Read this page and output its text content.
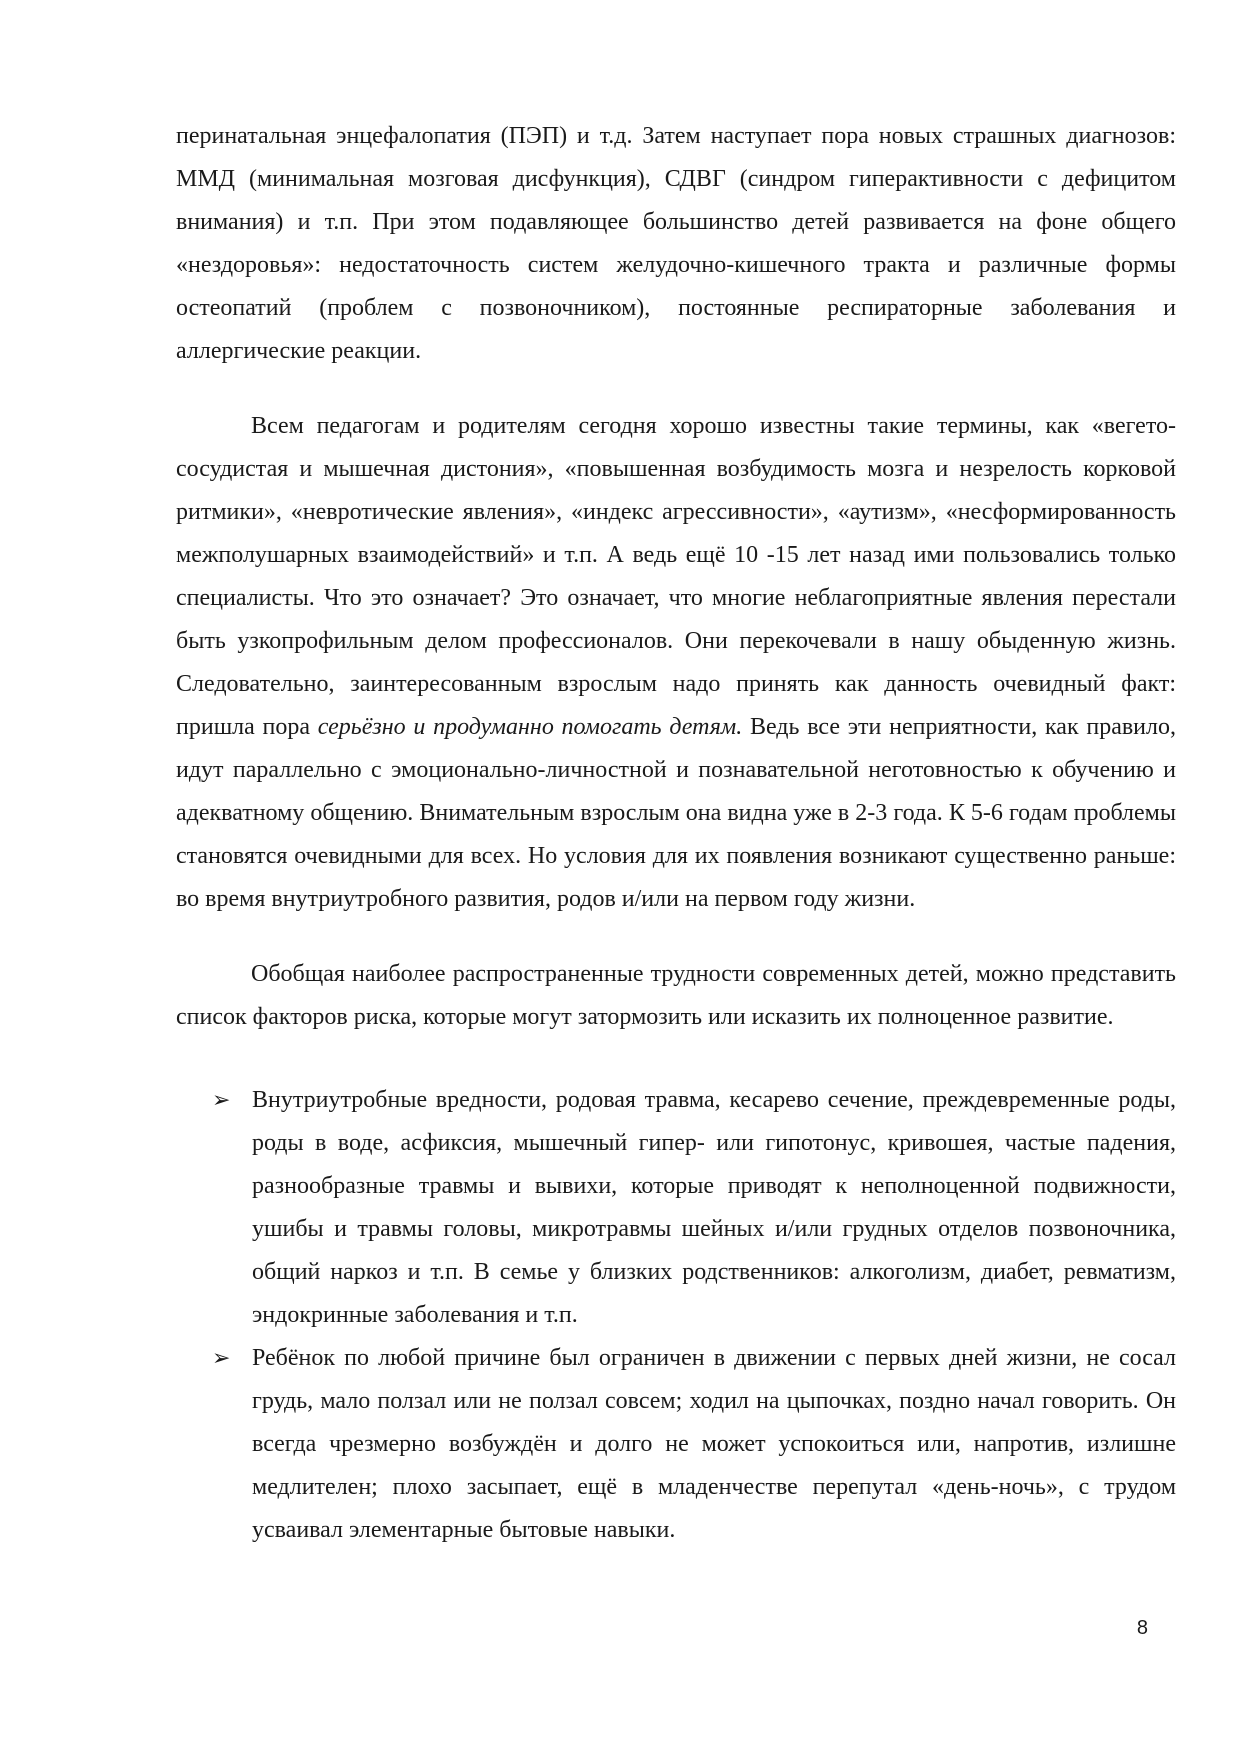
перинатальная энцефалопатия (ПЭП) и т.д. Затем наступает пора новых страшных диагнозов: ММД (минимальная мозговая дисфункция), СДВГ (синдром гиперактивности с дефицитом внимания) и т.п. При этом подавляющее большинство детей развивается на фоне общего «нездоровья»: недостаточность систем желудочно-кишечного тракта и различные формы остеопатий (проблем с позвоночником), постоянные респираторные заболевания и аллергические реакции.

Всем педагогам и родителям сегодня хорошо известны такие термины, как «вегето-сосудистая и мышечная дистония», «повышенная возбудимость мозга и незрелость корковой ритмики», «невротические явления», «индекс агрессивности», «аутизм», «несформированность межполушарных взаимодействий» и т.п. А ведь ещё 10 -15 лет назад ими пользовались только специалисты. Что это означает? Это означает, что многие неблагоприятные явления перестали быть узкопрофильным делом профессионалов. Они перекочевали в нашу обыденную жизнь. Следовательно, заинтересованным взрослым надо принять как данность очевидный факт: пришла пора серьёзно и продуманно помогать детям. Ведь все эти неприятности, как правило, идут параллельно с эмоционально-личностной и познавательной неготовностью к обучению и адекватному общению. Внимательным взрослым она видна уже в 2-3 года. К 5-6 годам проблемы становятся очевидными для всех. Но условия для их появления возникают существенно раньше: во время внутриутробного развития, родов и/или на первом году жизни.

Обобщая наиболее распространенные трудности современных детей, можно представить список факторов риска, которые могут затормозить или исказить их полноценное развитие.

➢ Внутриутробные вредности, родовая травма, кесарево сечение, преждевременные роды, роды в воде, асфиксия, мышечный гипер- или гипотонус, кривошея, частые падения, разнообразные травмы и вывихи, которые приводят к неполноценной подвижности, ушибы и травмы головы, микротравмы шейных и/или грудных отделов позвоночника, общий наркоз и т.п. В семье у близких родственников: алкоголизм, диабет, ревматизм, эндокринные заболевания и т.п.
➢ Ребёнок по любой причине был ограничен в движении с первых дней жизни, не сосал грудь, мало ползал или не ползал совсем; ходил на цыпочках, поздно начал говорить. Он всегда чрезмерно возбуждён и долго не может успокоиться или, напротив, излишне медлителен; плохо засыпает, ещё в младенчестве перепутал «день-ночь», с трудом усваивал элементарные бытовые навыки.
8
